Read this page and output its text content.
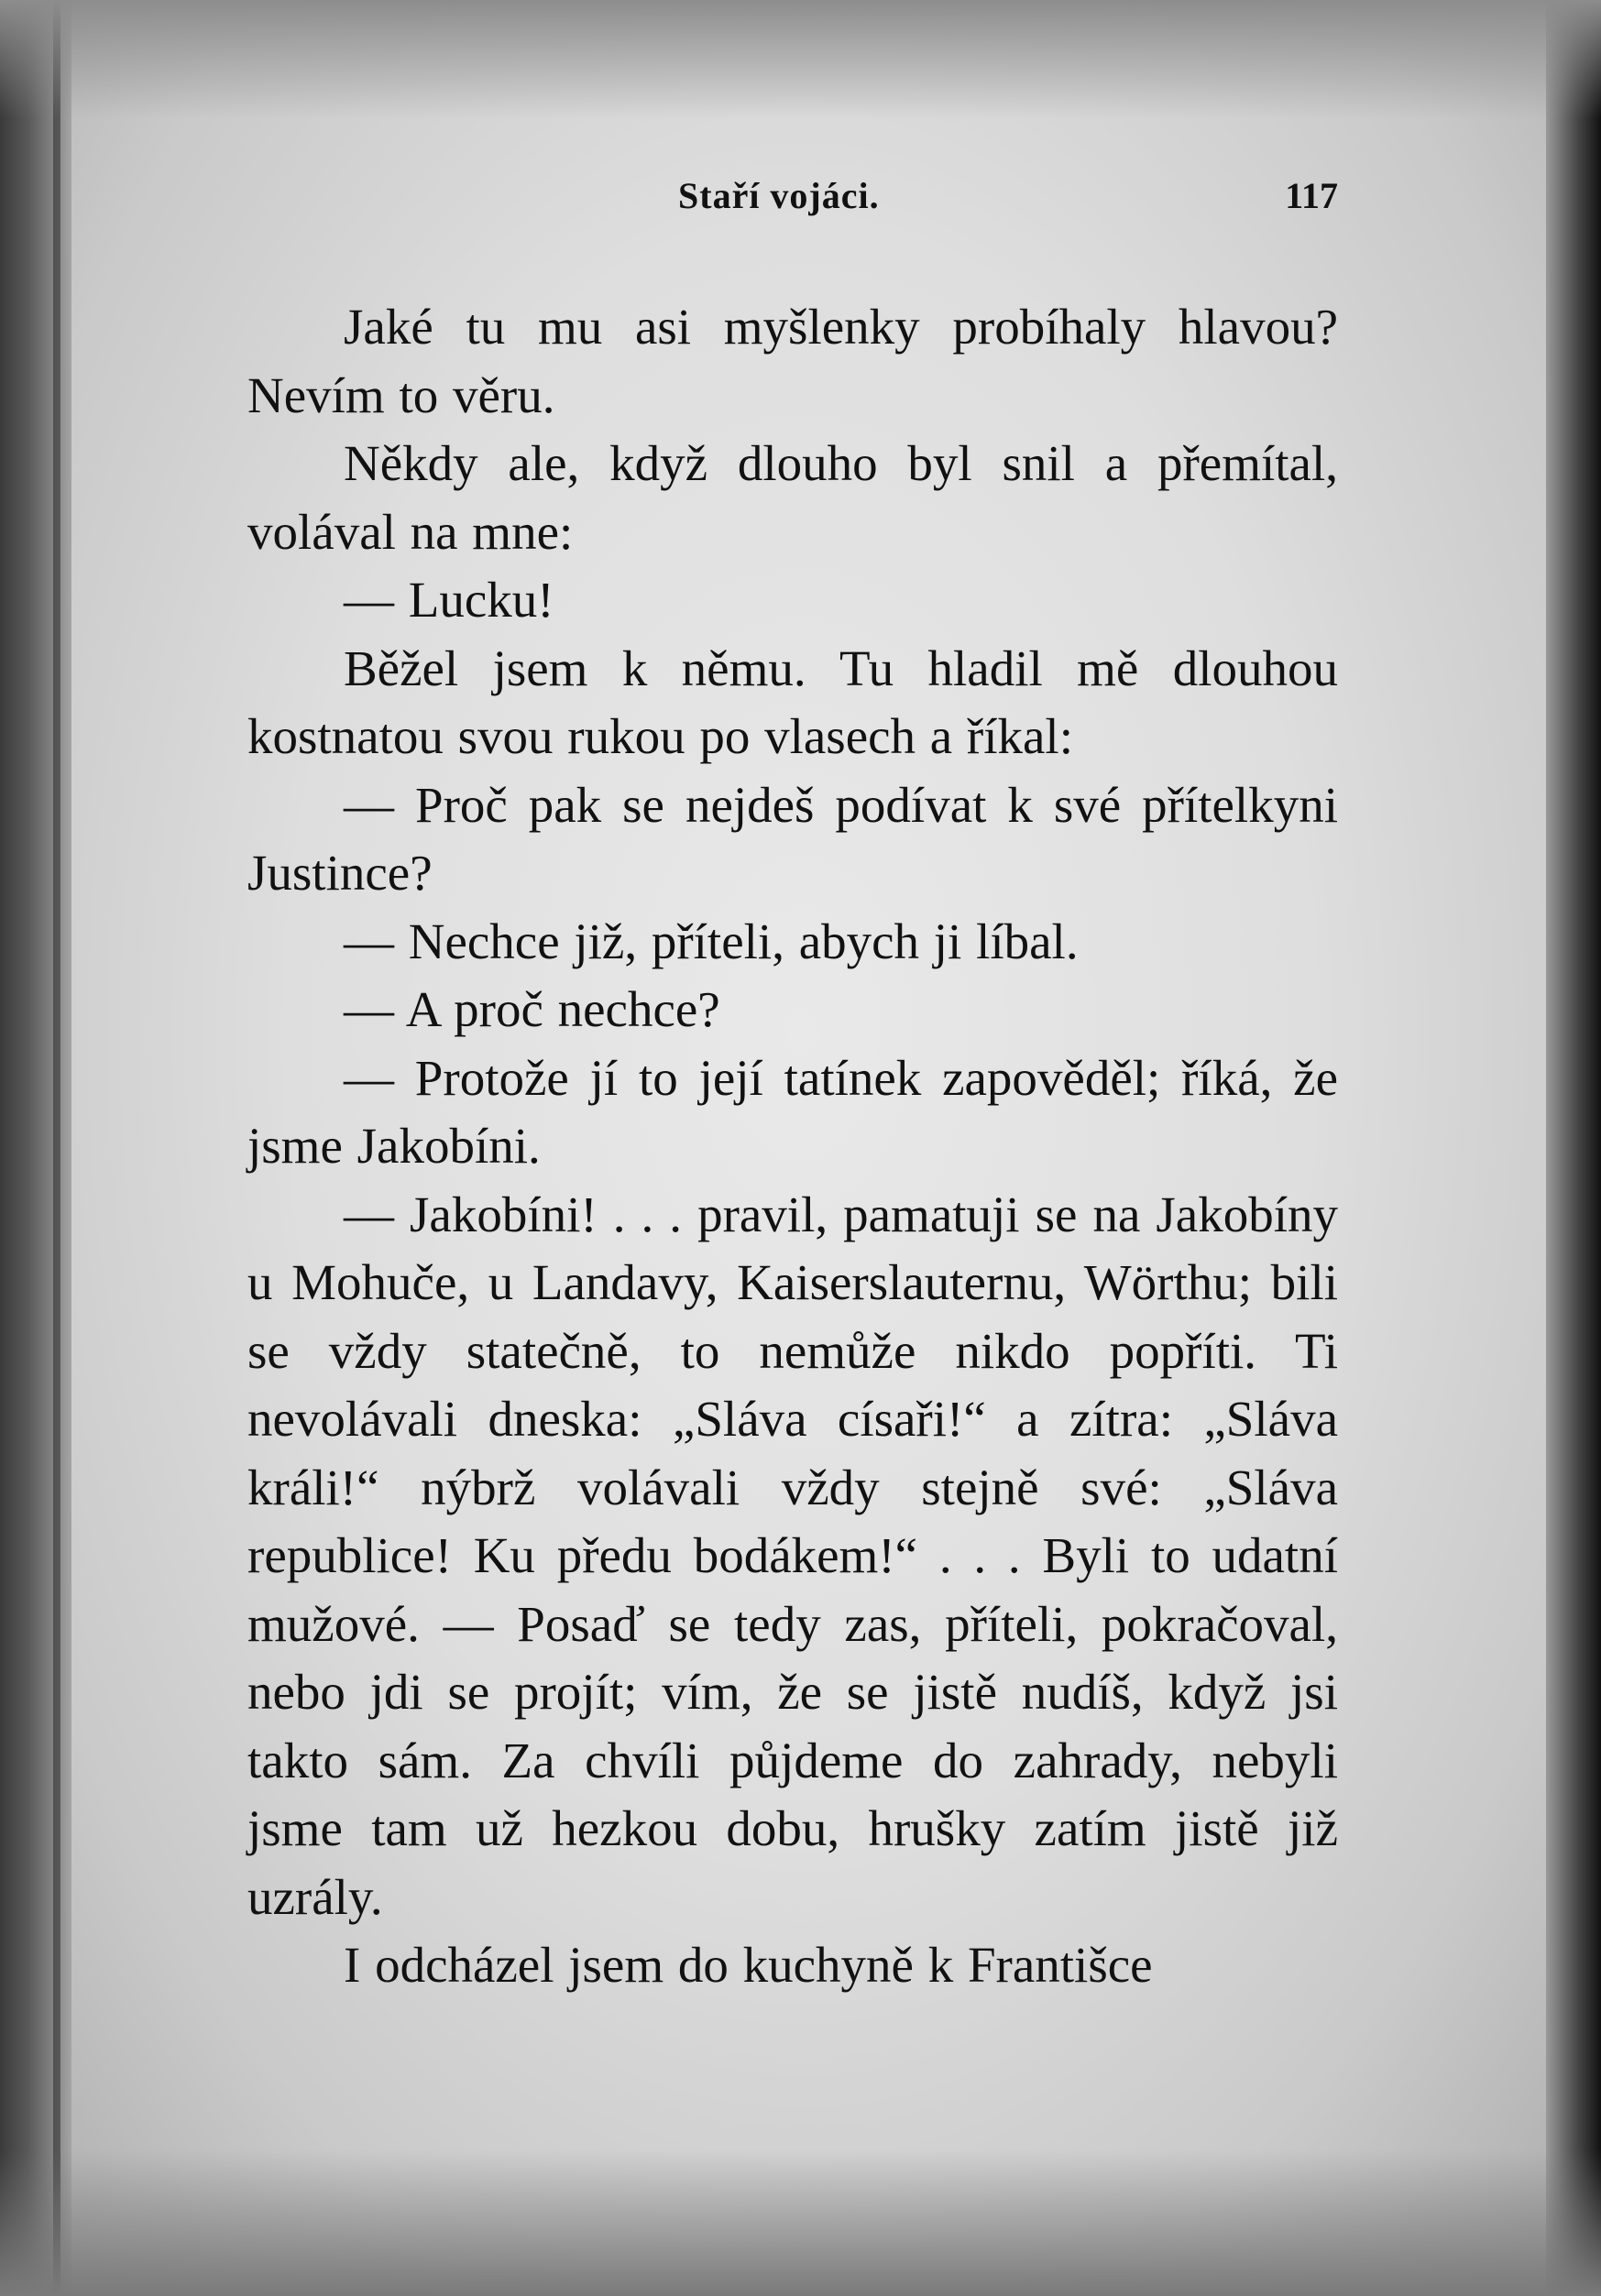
Staří vojáci.	117

Jaké tu mu asi myšlenky probíhaly hlavou? Nevím to věru.

Někdy ale, když dlouho byl snil a přemítal, volával na mne:

— Lucku!

Běžel jsem k němu. Tu hladil mě dlouhou kostnatou svou rukou po vlasech a říkal:

— Proč pak se nejdeš podívat k své přítelkyni Justince?

— Nechce již, příteli, abych ji líbal.

— A proč nechce?

— Protože jí to její tatínek zapověděl; říká, že jsme Jakobíni.

— Jakobíni! . . . pravil, pamatuji se na Jakobíny u Mohuče, u Landavy, Kaiserslauternu, Wörthu; bili se vždy statečně, to nemůže nikdo popříti. Ti nevolávali dneska: „Sláva císaři!“ a zítra: „Sláva králi!“ nýbrž volávali vždy stejně své: „Sláva republice! Ku předu bodákem!“ . . . Byli to udatní mužové. — Posaď se tedy zas, příteli, pokračoval, nebo jdi se projít; vím, že se jistě nudíš, když jsi takto sám. Za chvíli půjdeme do zahrady, nebyli jsme tam už hezkou dobu, hrušky zatím jistě již uzrály.

I odcházel jsem do kuchyně k Františce
